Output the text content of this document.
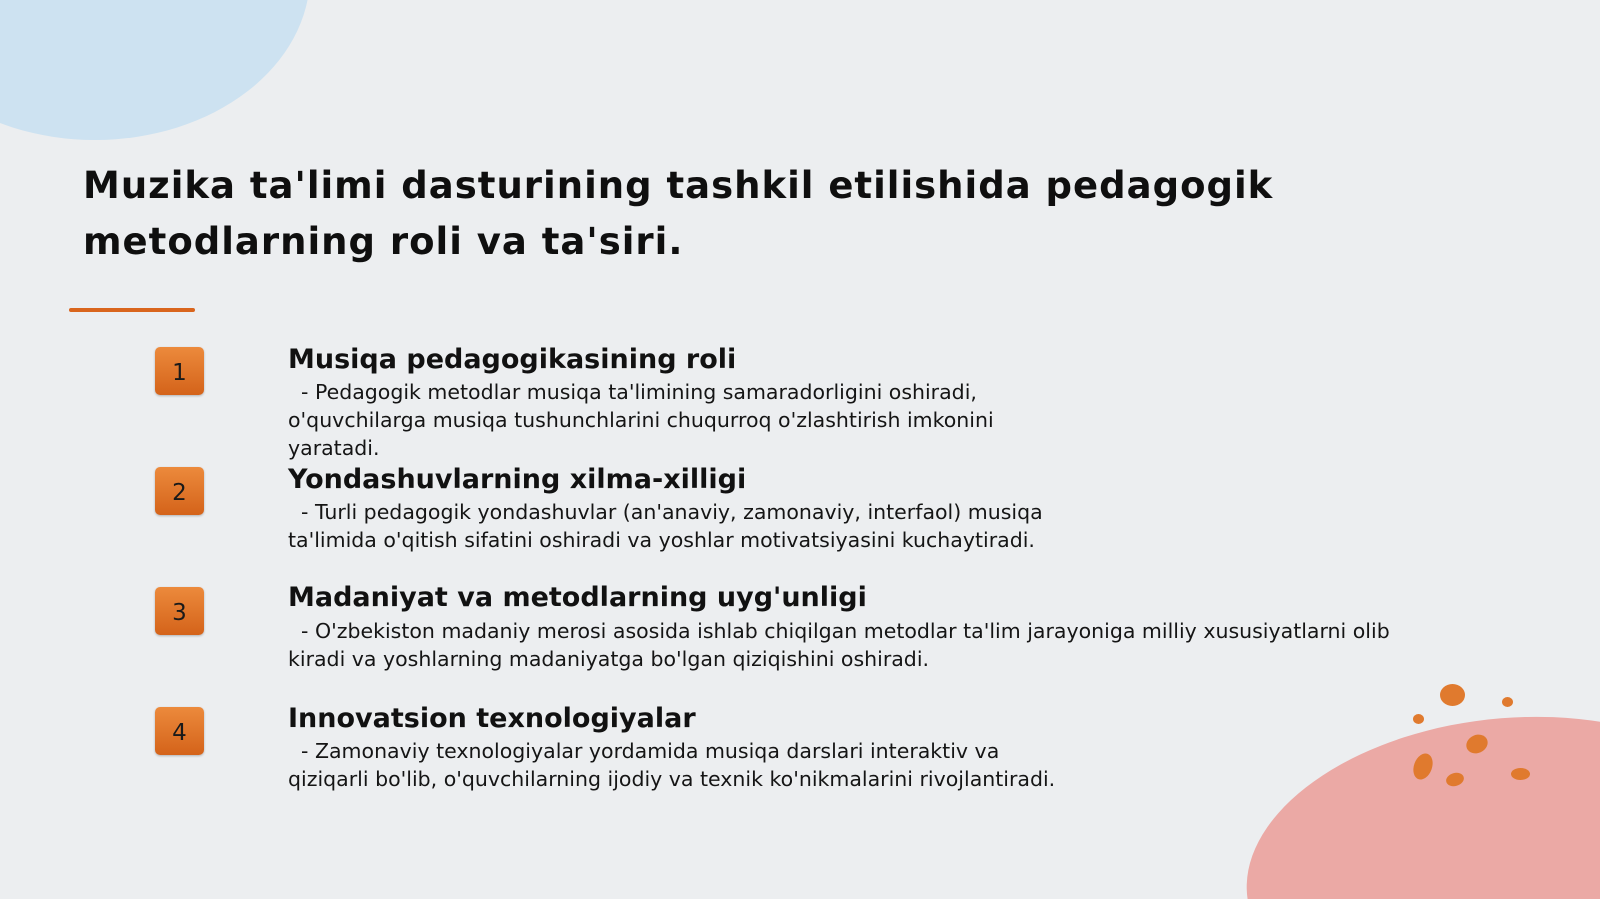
Muzika ta'limi dasturining tashkil etilishida pedagogik
metodlarning roli va ta'siri.
1	Musiqa pedagogikasining roli
- Pedagogik metodlar musiqa ta'limining samaradorligini oshiradi,
o'quvchilarga musiqa tushunchlarini chuqurroq o'zlashtirish imkonini
yaratadi.
2	Yondashuvlarning xilma-xilligi
- Turli pedagogik yondashuvlar (an'anaviy, zamonaviy, interfaol) musiqa
ta'limida o'qitish sifatini oshiradi va yoshlar motivatsiyasini kuchaytiradi.
3	Madaniyat va metodlarning uyg'unligi
- O'zbekiston madaniy merosi asosida ishlab chiqilgan metodlar ta'lim jarayoniga milliy xususiyatlarni olib
kiradi va yoshlarning madaniyatga bo'lgan qiziqishini oshiradi.
4	Innovatsion texnologiyalar
- Zamonaviy texnologiyalar yordamida musiqa darslari interaktiv va
qiziqarli bo'lib, o'quvchilarning ijodiy va texnik ko'nikmalarini rivojlantiradi.
